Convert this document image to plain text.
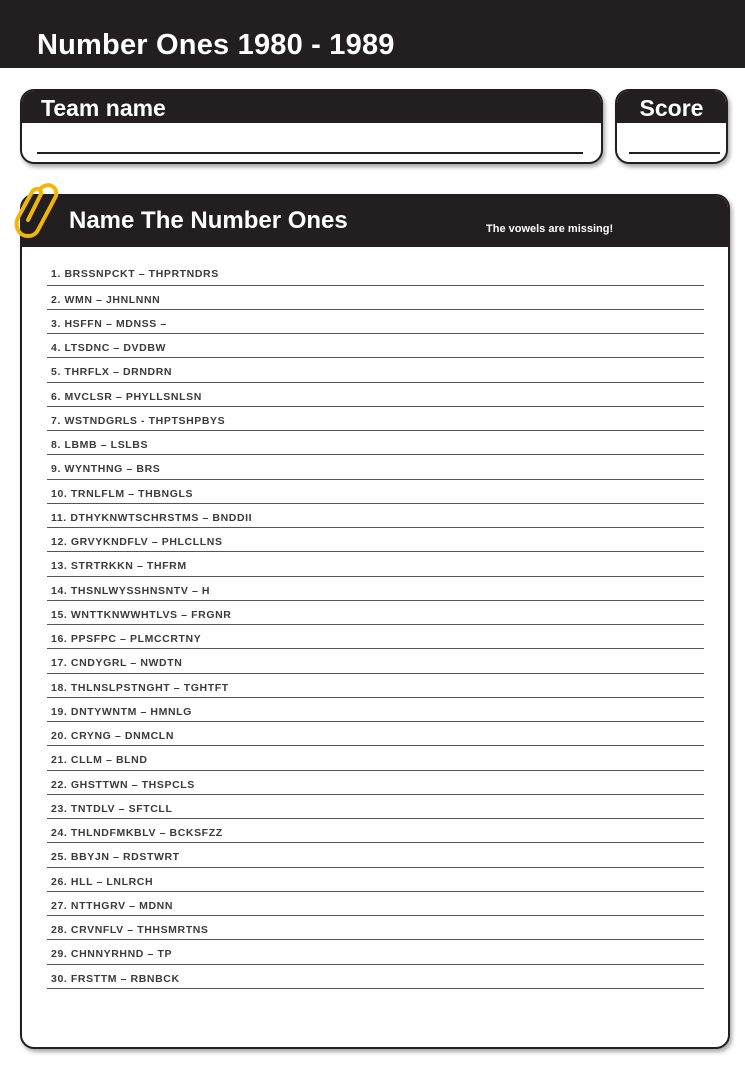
Number Ones 1980 - 1989
Team name	Score
Name The Number Ones	The vowels are missing!
1. BRSSNPCKT – THPRTNDRS
2. WMN – JHNLNNN
3. HSFFN – MDNSS –
4. LTSDNC – DVDBW
5. THRFLX – DRNDRN
6. MVCLSR – PHYLLSNLSN
7. WSTNDGRLS - THPTSHPBYS
8. LBMB – LSLBS
9. WYNTHNG – BRS
10. TRNLFLM – THBNGLS
11. DTHYKNWTSCHRSTMS – BNDDII
12. GRVYKNDFLV – PHLCLLNS
13. STRTRKKN – THFRM
14. THSNLWYSSHNSNTV – H
15. WNTTKNWWHTLVS – FRGNR
16. PPSFPC – PLMCCRTNY
17. CNDYGRL – NWDTN
18. THLNSLPSTNGHT – TGHTFT
19. DNTYWNTM – HMNLG
20. CRYNG – DNMCLN
21. CLLM – BLND
22. GHSTTWN – THSPCLS
23. TNTDLV – SFTCLL
24. THLNDFMKBLV – BCKSFZZ
25. BBYJN – RDSTWRT
26. HLL – LNLRCH
27. NTTHGRV – MDNN
28. CRVNFLV – THHSMRTNS
29. CHNNYRHND – TP
30. FRSTTM – RBNBCK
